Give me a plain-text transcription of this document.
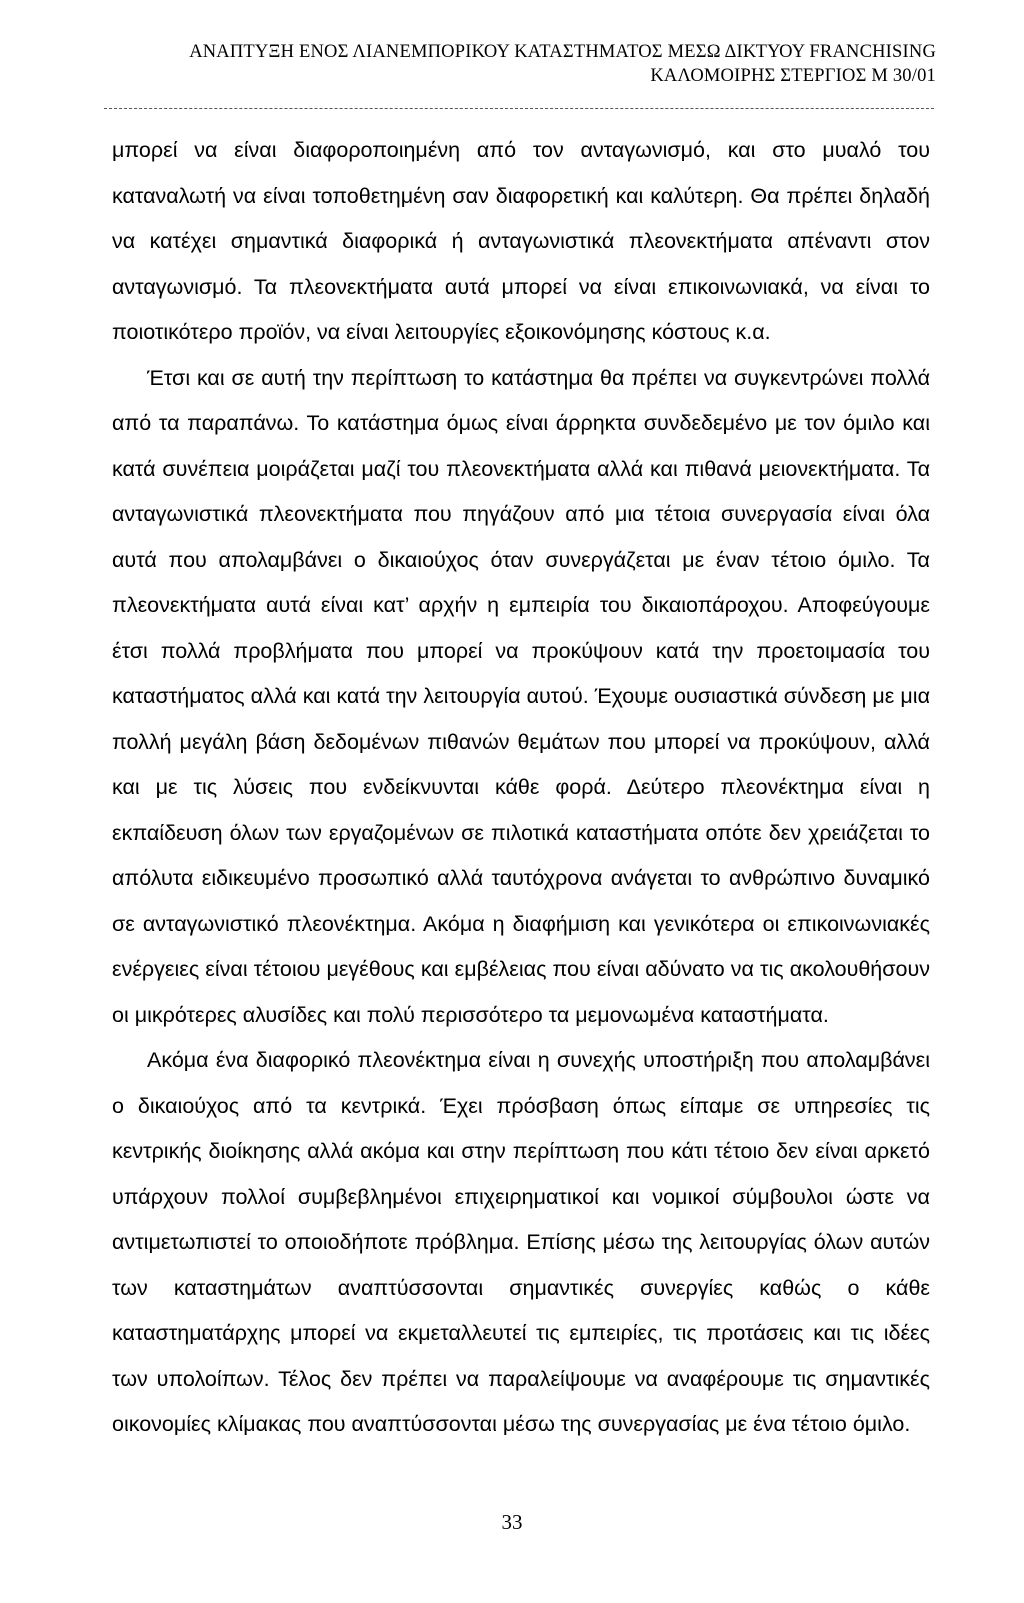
ΑΝΑΠΤΥΞΗ ΕΝΟΣ ΛΙΑΝΕΜΠΟΡΙΚΟΥ ΚΑΤΑΣΤΗΜΑΤΟΣ ΜΕΣΩ ΔΙΚΤΥΟΥ FRANCHISING
ΚΑΛΟΜΟΙΡΗΣ ΣΤΕΡΓΙΟΣ Μ 30/01

μπορεί να είναι διαφοροποιημένη από τον ανταγωνισμό, και στο μυαλό του καταναλωτή να είναι τοποθετημένη σαν διαφορετική και καλύτερη. Θα πρέπει δηλαδή να κατέχει σημαντικά διαφορικά ή ανταγωνιστικά πλεονεκτήματα απέναντι στον ανταγωνισμό. Τα πλεονεκτήματα αυτά μπορεί να είναι επικοινωνιακά, να είναι το ποιοτικότερο προϊόν, να είναι λειτουργίες εξοικονόμησης κόστους κ.α.

Έτσι και σε αυτή την περίπτωση το κατάστημα θα πρέπει να συγκεντρώνει πολλά από τα παραπάνω. Το κατάστημα όμως είναι άρρηκτα συνδεδεμένο με τον όμιλο και κατά συνέπεια μοιράζεται μαζί του πλεονεκτήματα αλλά και πιθανά μειονεκτήματα. Τα ανταγωνιστικά πλεονεκτήματα που πηγάζουν από μια τέτοια συνεργασία είναι όλα αυτά που απολαμβάνει ο δικαιούχος όταν συνεργάζεται με έναν τέτοιο όμιλο. Τα πλεονεκτήματα αυτά είναι κατ’ αρχήν η εμπειρία του δικαιοπάροχου. Αποφεύγουμε έτσι πολλά προβλήματα που μπορεί να προκύψουν κατά την προετοιμασία του καταστήματος αλλά και κατά την λειτουργία αυτού. Έχουμε ουσιαστικά σύνδεση με μια πολλή μεγάλη βάση δεδομένων πιθανών θεμάτων που μπορεί να προκύψουν, αλλά και με τις λύσεις που ενδείκνυνται κάθε φορά. Δεύτερο πλεονέκτημα είναι η εκπαίδευση όλων των εργαζομένων σε πιλοτικά καταστήματα οπότε δεν χρειάζεται το απόλυτα ειδικευμένο προσωπικό αλλά ταυτόχρονα ανάγεται το ανθρώπινο δυναμικό σε ανταγωνιστικό πλεονέκτημα. Ακόμα η διαφήμιση και γενικότερα οι επικοινωνιακές ενέργειες είναι τέτοιου μεγέθους και εμβέλειας που είναι αδύνατο να τις ακολουθήσουν οι μικρότερες αλυσίδες και πολύ περισσότερο τα μεμονωμένα καταστήματα.

Ακόμα ένα διαφορικό πλεονέκτημα είναι η συνεχής υποστήριξη που απολαμβάνει ο δικαιούχος από τα κεντρικά. Έχει πρόσβαση όπως είπαμε σε υπηρεσίες τις κεντρικής διοίκησης αλλά ακόμα και στην περίπτωση που κάτι τέτοιο δεν είναι αρκετό υπάρχουν πολλοί συμβεβλημένοι επιχειρηματικοί και νομικοί σύμβουλοι ώστε να αντιμετωπιστεί το οποιοδήποτε πρόβλημα. Επίσης μέσω της λειτουργίας όλων αυτών των καταστημάτων αναπτύσσονται σημαντικές συνεργίες καθώς ο κάθε καταστηματάρχης μπορεί να εκμεταλλευτεί τις εμπειρίες, τις προτάσεις και τις ιδέες των υπολοίπων. Τέλος δεν πρέπει να παραλείψουμε να αναφέρουμε τις σημαντικές οικονομίες κλίμακας που αναπτύσσονται μέσω της συνεργασίας με ένα τέτοιο όμιλο.

33
